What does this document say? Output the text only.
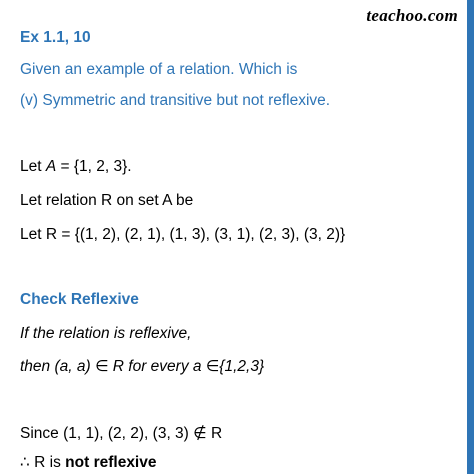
teachoo.com
Ex 1.1, 10
Given an example of a relation. Which is
(v) Symmetric and transitive but not reflexive.
Let A = {1, 2, 3}.
Let relation R on set A be
Let R = {(1, 2), (2, 1), (1, 3), (3, 1), (2, 3), (3, 2)}
Check Reflexive
If the relation is reflexive,
then (a, a) ∈ R for every a ∈{1,2,3}
Since (1, 1), (2, 2), (3, 3) ∉ R
∴ R is not reflexive
